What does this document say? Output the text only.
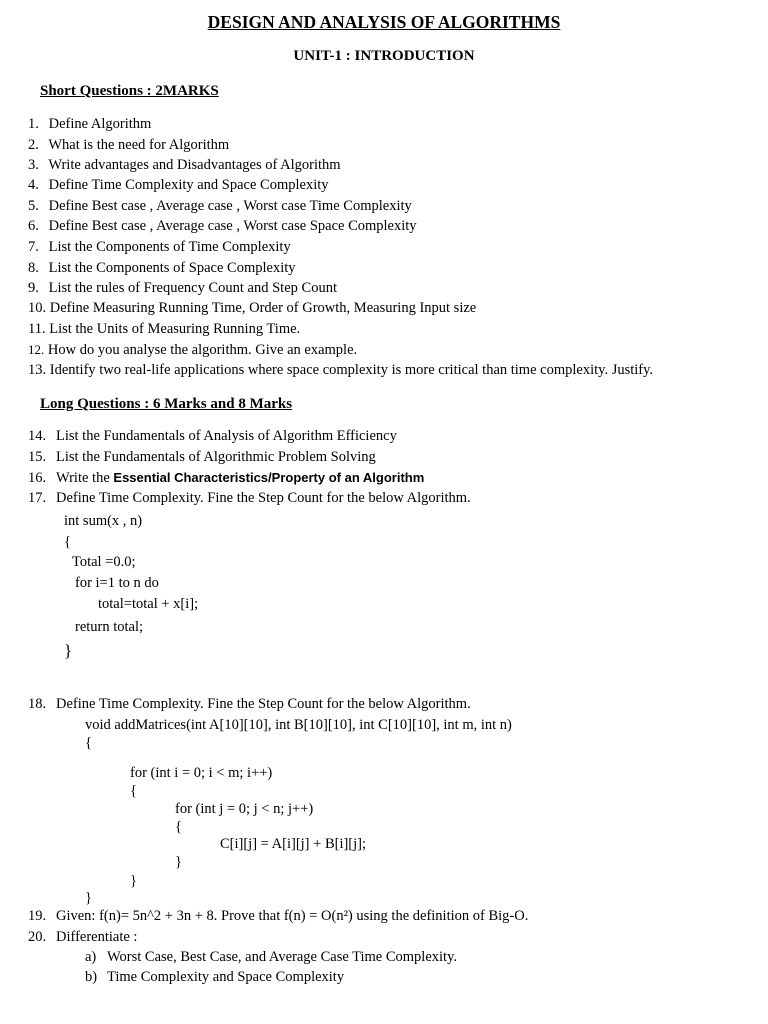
DESIGN AND ANALYSIS OF ALGORITHMS
UNIT-1 : INTRODUCTION
Short Questions : 2MARKS
1. Define Algorithm
2. What is the need for Algorithm
3. Write advantages and Disadvantages of Algorithm
4. Define Time Complexity and Space Complexity
5. Define Best case , Average case , Worst case Time Complexity
6. Define Best case , Average case , Worst case Space Complexity
7. List the Components of Time Complexity
8. List the Components of Space Complexity
9. List the rules of Frequency Count and Step Count
10. Define Measuring Running Time, Order of Growth, Measuring Input size
11. List the Units of Measuring Running Time.
12. How do you analyse the algorithm. Give an example.
13. Identify two real-life applications where space complexity is more critical than time complexity. Justify.
Long Questions : 6 Marks and 8 Marks
14. List the Fundamentals of Analysis of Algorithm Efficiency
15. List the Fundamentals of Algorithmic Problem Solving
16. Write the Essential Characteristics/Property of an Algorithm
17. Define Time Complexity. Fine the Step Count for the below Algorithm.
int sum(x , n)
{
Total =0.0;
for i=1 to n do
total=total + x[i];
return total;
}
18. Define Time Complexity. Fine the Step Count for the below Algorithm.
void addMatrices(int A[10][10], int B[10][10], int C[10][10], int m, int n)
{
for (int i = 0; i < m; i++)
{
for (int j = 0; j < n; j++)
{
C[i][j] = A[i][j] + B[i][j];
}
}
}
19. Given: f(n)= 5n^2 + 3n + 8. Prove that f(n) = O(n²) using the definition of Big-O.
20. Differentiate :
a) Worst Case, Best Case, and Average Case Time Complexity.
b) Time Complexity and Space Complexity
